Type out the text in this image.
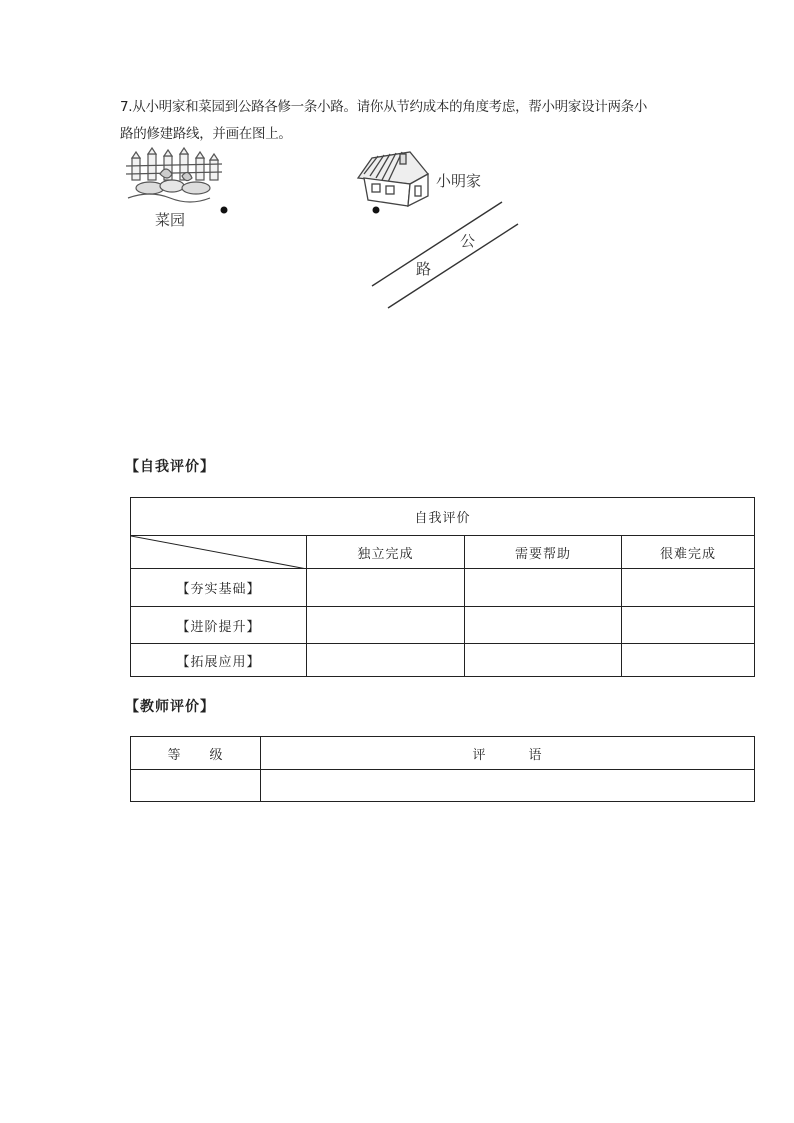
7.从小明家和菜园到公路各修一条小路。请你从节约成本的角度考虑，帮小明家设计两条小
路的修建路线，并画在图上。
菜园
小明家
公
路
【自我评价】
自我评价			

	独立完成	需要帮助	很难完成
【夯实基础】			
【进阶提升】			
【拓展应用】			
【教师评价】
等　　级	评　　　语
